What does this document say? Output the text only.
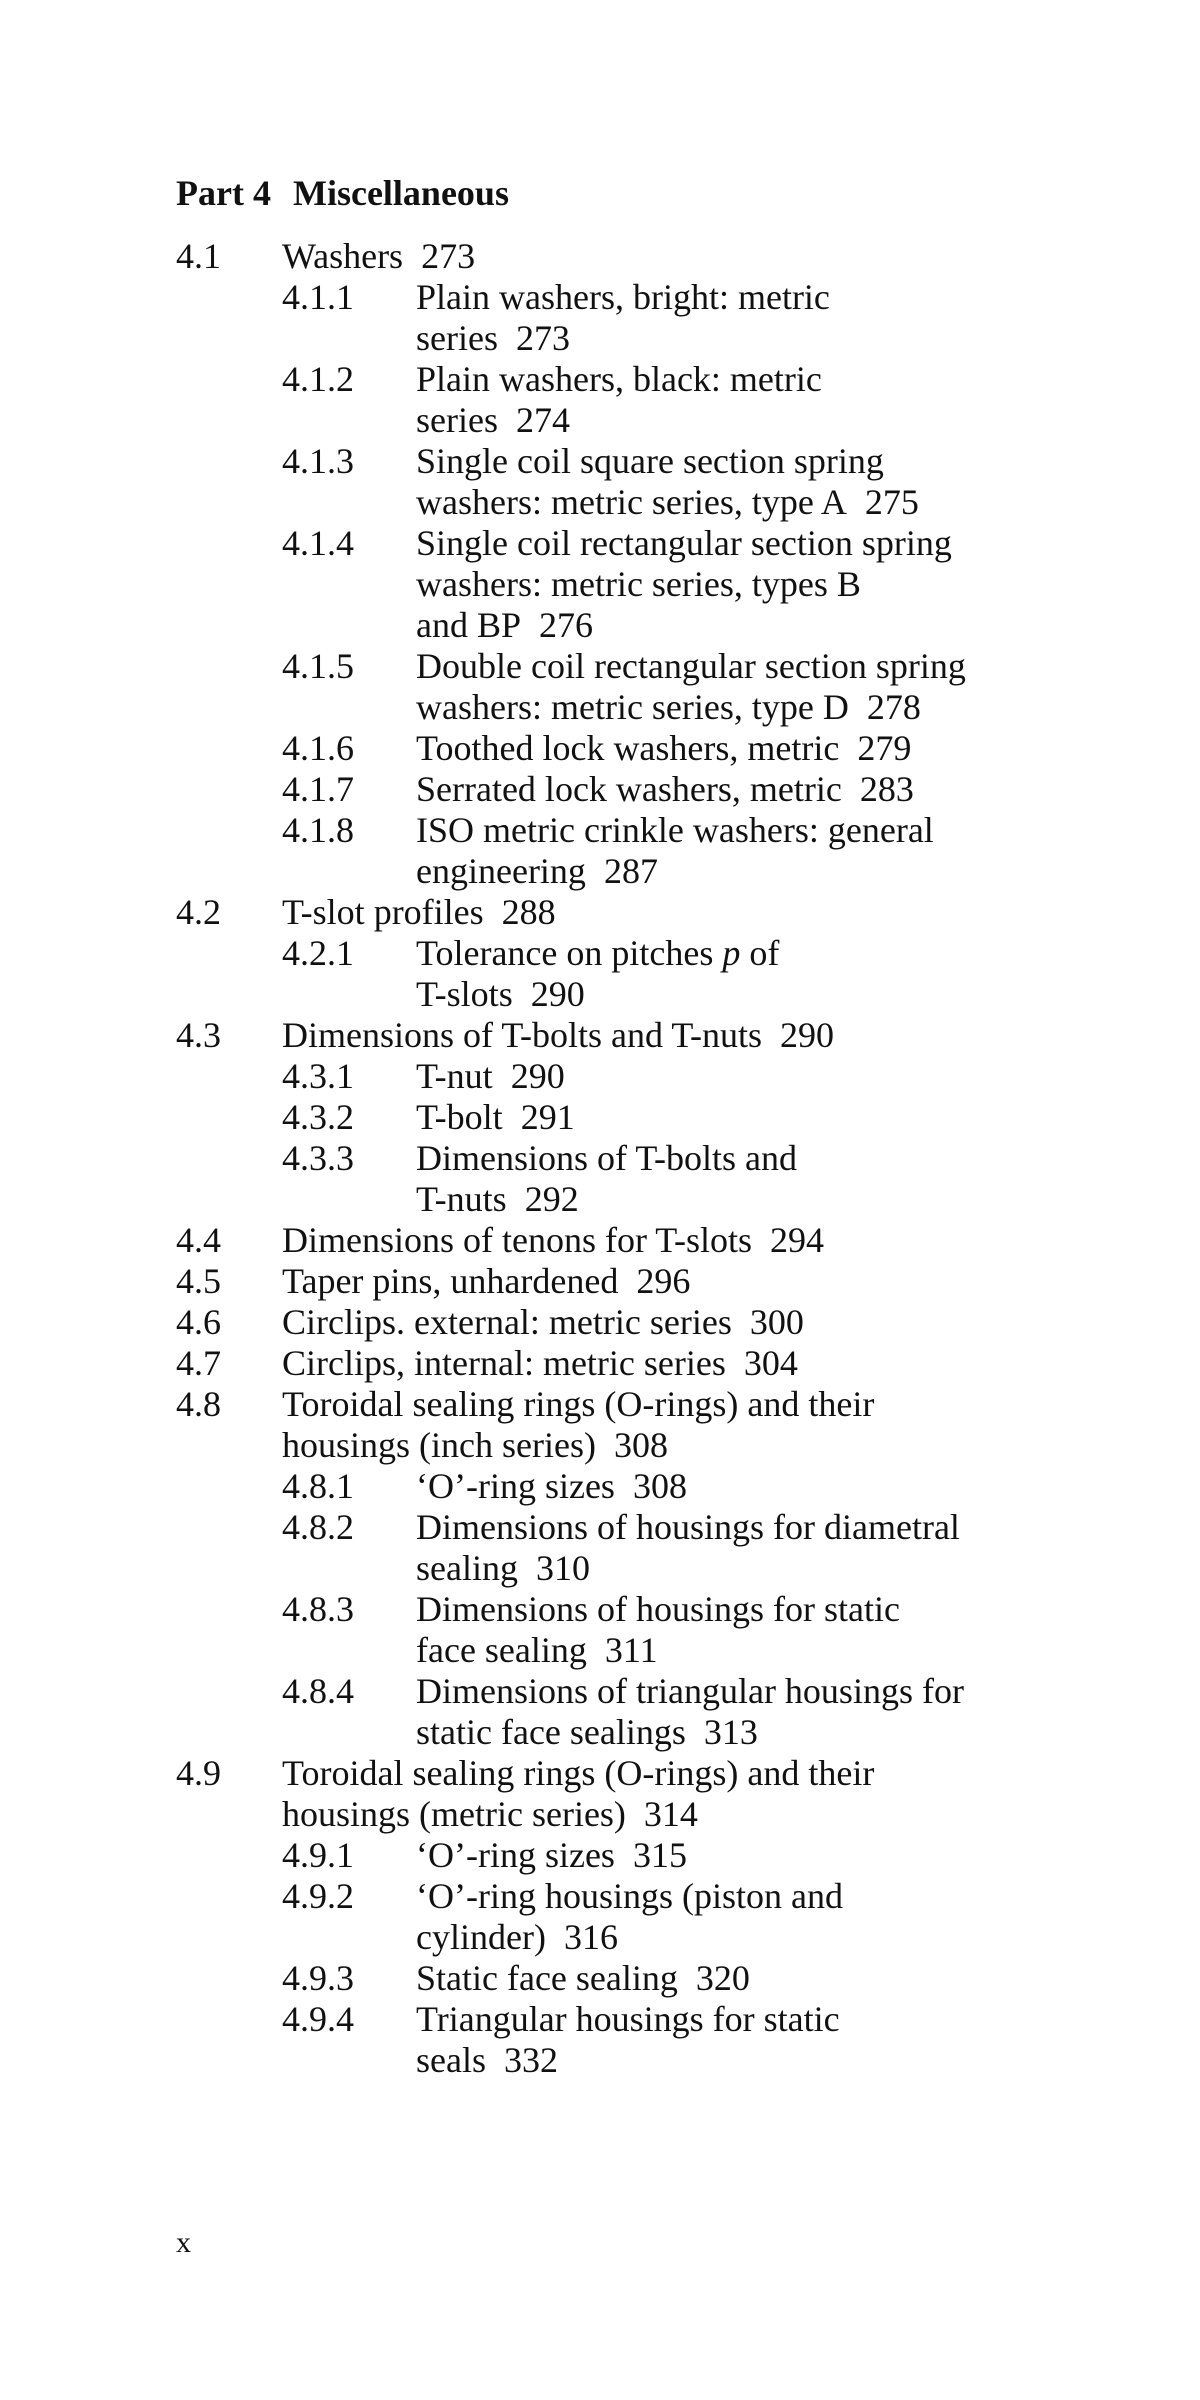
Part 4 Miscellaneous
4.1	Washers 273
4.1.1	Plain washers, bright: metric
series 273
4.1.2	Plain washers, black: metric
series 274
4.1.3	Single coil square section spring
washers: metric series, type A 275
4.1.4	Single coil rectangular section spring
washers: metric series, types B
and BP 276
4.1.5	Double coil rectangular section spring
washers: metric series, type D 278
4.1.6	Toothed lock washers, metric 279
4.1.7	Serrated lock washers, metric 283
4.1.8	ISO metric crinkle washers: general
engineering 287
4.2	T-slot profiles 288
4.2.1	Tolerance on pitches p of
T-slots 290
4.3	Dimensions of T-bolts and T-nuts 290
4.3.1	T-nut 290
4.3.2	T-bolt 291
4.3.3	Dimensions of T-bolts and
T-nuts 292
4.4	Dimensions of tenons for T-slots 294
4.5	Taper pins, unhardened 296
4.6	Circlips. external: metric series 300
4.7	Circlips, internal: metric series 304
4.8	Toroidal sealing rings (O-rings) and their
housings (inch series) 308
4.8.1	‘O’-ring sizes 308
4.8.2	Dimensions of housings for diametral
sealing 310
4.8.3	Dimensions of housings for static
face sealing 311
4.8.4	Dimensions of triangular housings for
static face sealings 313
4.9	Toroidal sealing rings (O-rings) and their
housings (metric series) 314
4.9.1	‘O’-ring sizes 315
4.9.2	‘O’-ring housings (piston and
cylinder) 316
4.9.3	Static face sealing 320
4.9.4	Triangular housings for static
seals 332
x
